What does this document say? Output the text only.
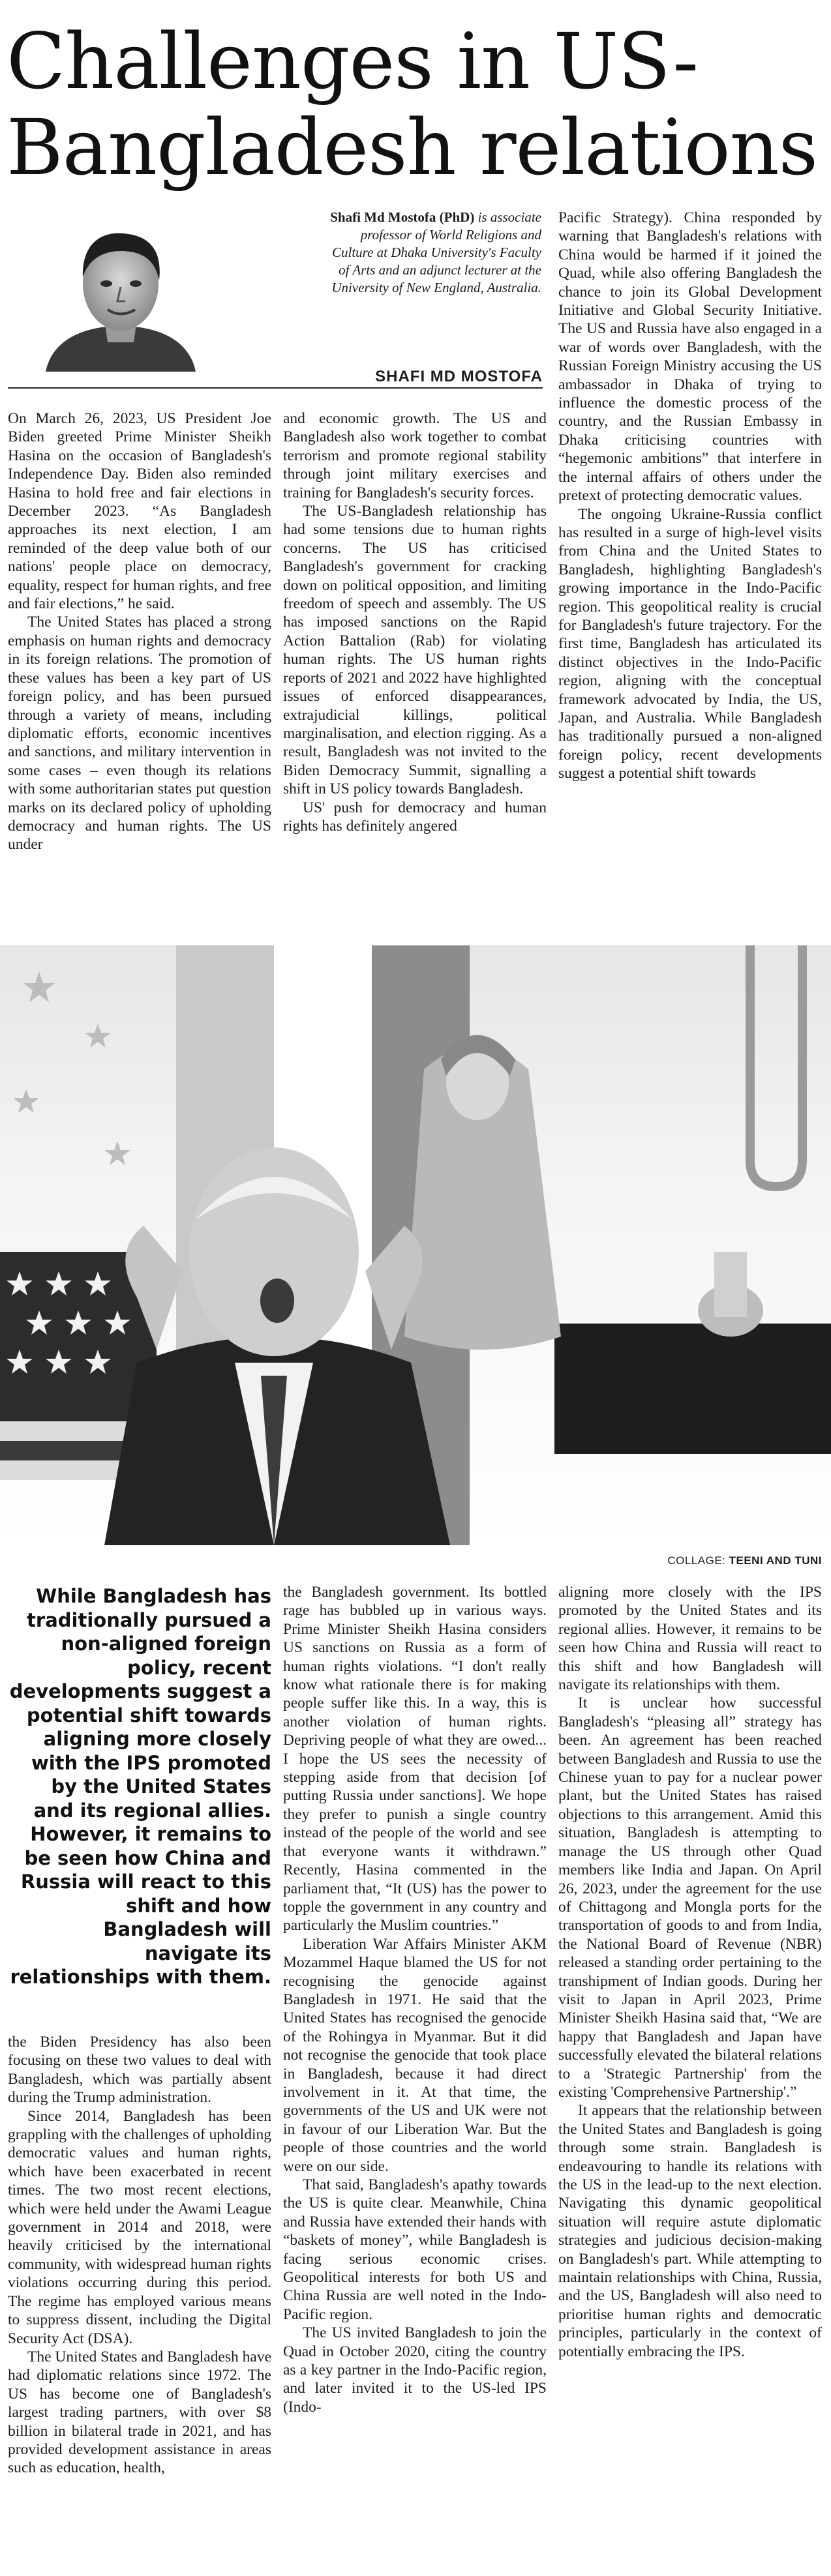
Challenges in US-Bangladesh relations
Shafi Md Mostofa (PhD) is associate professor of World Religions and Culture at Dhaka University's Faculty of Arts and an adjunct lecturer at the University of New England, Australia.
SHAFI MD MOSTOFA

On March 26, 2023, US President Joe Biden greeted Prime Minister Sheikh Hasina on the occasion of Bangladesh's Independence Day. Biden also reminded Hasina to hold free and fair elections in December 2023. “As Bangladesh approaches its next election, I am reminded of the deep value both of our nations' people place on democracy, equality, respect for human rights, and free and fair elections,” he said.

The United States has placed a strong emphasis on human rights and democracy in its foreign relations. The promotion of these values has been a key part of US foreign policy, and has been pursued through a variety of means, including diplomatic efforts, economic incentives and sanctions, and military intervention in some cases – even though its relations with some authoritarian states put question marks on its declared policy of upholding democracy and human rights. The US under

and economic growth. The US and Bangladesh also work together to combat terrorism and promote regional stability through joint military exercises and training for Bangladesh's security forces.

The US-Bangladesh relationship has had some tensions due to human rights concerns. The US has criticised Bangladesh's government for cracking down on political opposition, and limiting freedom of speech and assembly. The US has imposed sanctions on the Rapid Action Battalion (Rab) for violating human rights. The US human rights reports of 2021 and 2022 have highlighted issues of enforced disappearances, extrajudicial killings, political marginalisation, and election rigging. As a result, Bangladesh was not invited to the Biden Democracy Summit, signalling a shift in US policy towards Bangladesh.

US' push for democracy and human rights has definitely angered

Pacific Strategy). China responded by warning that Bangladesh's relations with China would be harmed if it joined the Quad, while also offering Bangladesh the chance to join its Global Development Initiative and Global Security Initiative. The US and Russia have also engaged in a war of words over Bangladesh, with the Russian Foreign Ministry accusing the US ambassador in Dhaka of trying to influence the domestic process of the country, and the Russian Embassy in Dhaka criticising countries with “hegemonic ambitions” that interfere in the internal affairs of others under the pretext of protecting democratic values.

The ongoing Ukraine-Russia conflict has resulted in a surge of high-level visits from China and the United States to Bangladesh, highlighting Bangladesh's growing importance in the Indo-Pacific region. This geopolitical reality is crucial for Bangladesh's future trajectory. For the first time, Bangladesh has articulated its distinct objectives in the Indo-Pacific region, aligning with the conceptual framework advocated by India, the US, Japan, and Australia. While Bangladesh has traditionally pursued a non-aligned foreign policy, recent developments suggest a potential shift towards

COLLAGE: TEENI AND TUNI
While Bangladesh has traditionally pursued a non-aligned foreign policy, recent developments suggest a potential shift towards aligning more closely with the IPS promoted by the United States and its regional allies. However, it remains to be seen how China and Russia will react to this shift and how Bangladesh will navigate its relationships with them.

the Biden Presidency has also been focusing on these two values to deal with Bangladesh, which was partially absent during the Trump administration.

Since 2014, Bangladesh has been grappling with the challenges of upholding democratic values and human rights, which have been exacerbated in recent times. The two most recent elections, which were held under the Awami League government in 2014 and 2018, were heavily criticised by the international community, with widespread human rights violations occurring during this period. The regime has employed various means to suppress dissent, including the Digital Security Act (DSA).

The United States and Bangladesh have had diplomatic relations since 1972. The US has become one of Bangladesh's largest trading partners, with over $8 billion in bilateral trade in 2021, and has provided development assistance in areas such as education, health,

the Bangladesh government. Its bottled rage has bubbled up in various ways. Prime Minister Sheikh Hasina considers US sanctions on Russia as a form of human rights violations. “I don't really know what rationale there is for making people suffer like this. In a way, this is another violation of human rights. Depriving people of what they are owed... I hope the US sees the necessity of stepping aside from that decision [of putting Russia under sanctions]. We hope they prefer to punish a single country instead of the people of the world and see that everyone wants it withdrawn.” Recently, Hasina commented in the parliament that, “It (US) has the power to topple the government in any country and particularly the Muslim countries.”

Liberation War Affairs Minister AKM Mozammel Haque blamed the US for not recognising the genocide against Bangladesh in 1971. He said that the United States has recognised the genocide of the Rohingya in Myanmar. But it did not recognise the genocide that took place in Bangladesh, because it had direct involvement in it. At that time, the governments of the US and UK were not in favour of our Liberation War. But the people of those countries and the world were on our side.

That said, Bangladesh's apathy towards the US is quite clear. Meanwhile, China and Russia have extended their hands with “baskets of money”, while Bangladesh is facing serious economic crises. Geopolitical interests for both US and China Russia are well noted in the Indo-Pacific region.

The US invited Bangladesh to join the Quad in October 2020, citing the country as a key partner in the Indo-Pacific region, and later invited it to the US-led IPS (Indo-

aligning more closely with the IPS promoted by the United States and its regional allies. However, it remains to be seen how China and Russia will react to this shift and how Bangladesh will navigate its relationships with them.

It is unclear how successful Bangladesh's “pleasing all” strategy has been. An agreement has been reached between Bangladesh and Russia to use the Chinese yuan to pay for a nuclear power plant, but the United States has raised objections to this arrangement. Amid this situation, Bangladesh is attempting to manage the US through other Quad members like India and Japan. On April 26, 2023, under the agreement for the use of Chittagong and Mongla ports for the transportation of goods to and from India, the National Board of Revenue (NBR) released a standing order pertaining to the transhipment of Indian goods. During her visit to Japan in April 2023, Prime Minister Sheikh Hasina said that, “We are happy that Bangladesh and Japan have successfully elevated the bilateral relations to a 'Strategic Partnership' from the existing 'Comprehensive Partnership'.”

It appears that the relationship between the United States and Bangladesh is going through some strain. Bangladesh is endeavouring to handle its relations with the US in the lead-up to the next election. Navigating this dynamic geopolitical situation will require astute diplomatic strategies and judicious decision-making on Bangladesh's part. While attempting to maintain relationships with China, Russia, and the US, Bangladesh will also need to prioritise human rights and democratic principles, particularly in the context of potentially embracing the IPS.
